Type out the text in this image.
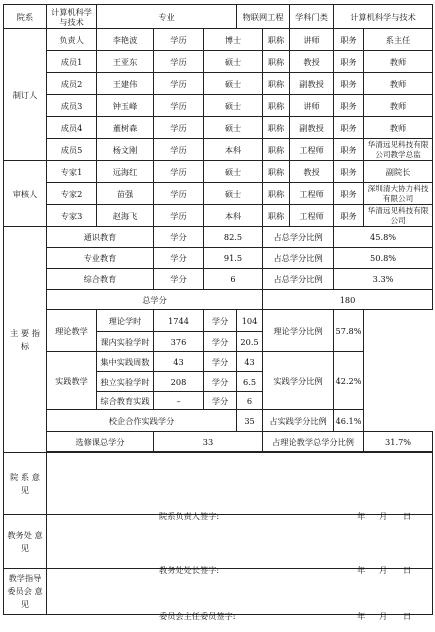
院系	计算机科学与技术	专业			物联网工程		学科门类	计算机科学与技术	
制订人	负责人	李艳波	学历	博士		职称	讲师	职务	系主任
	成员1	王亚东	学历	硕士		职称	教授	职务	教师
	成员2	王建伟	学历	硕士		职称	副教授	职务	教师
	成员3	钟玉峰	学历	硕士		职称	讲师	职务	教师
	成员4	董树森	学历	硕士		职称	副教授	职务	教师
	成员5	杨文刚	学历	本科		职称	工程师	职务	华清远见科技有限公司教学总监
审核人	专家1	远海红	学历	硕士		职称	教授	职务	副院长
	专家2	苗强	学历	硕士		职称	工程师	职务	深圳清大协力科技有限公司
	专家3	赵海飞	学历	本科		职称	工程师	职务	华清远见科技有限公司
主 要 指 标	通识教育		学分	82.5		占总学分比例		45.8%	
	专业教育		学分	91.5		占总学分比例		50.8%	
	综合教育		学分	6		占总学分比例		3.3%	
	总学分					180			
	理论教学	理论学时	1744	学分	104	理论学分比例		57.8%	
		课内实验学时	376	学分	20.5				
	实践教学	集中实践周数	43	学分	43	实践学分比例		42.2%	
		独立实验学时	208	学分	6.5				
		综合教育实践	–	学分	6				
	校企合作实践学分				35	占实践学分比例		46.1%	
	选修课总学分		33			占理论教学总学分比例			31.7%

院 系 意 见	院系负责人签字: 年 月 日								

教务处 意 见	教务处处长签字: 年 月 日								

教学指导委员会 意见	委员会主任委员签字: 年 月 日								
